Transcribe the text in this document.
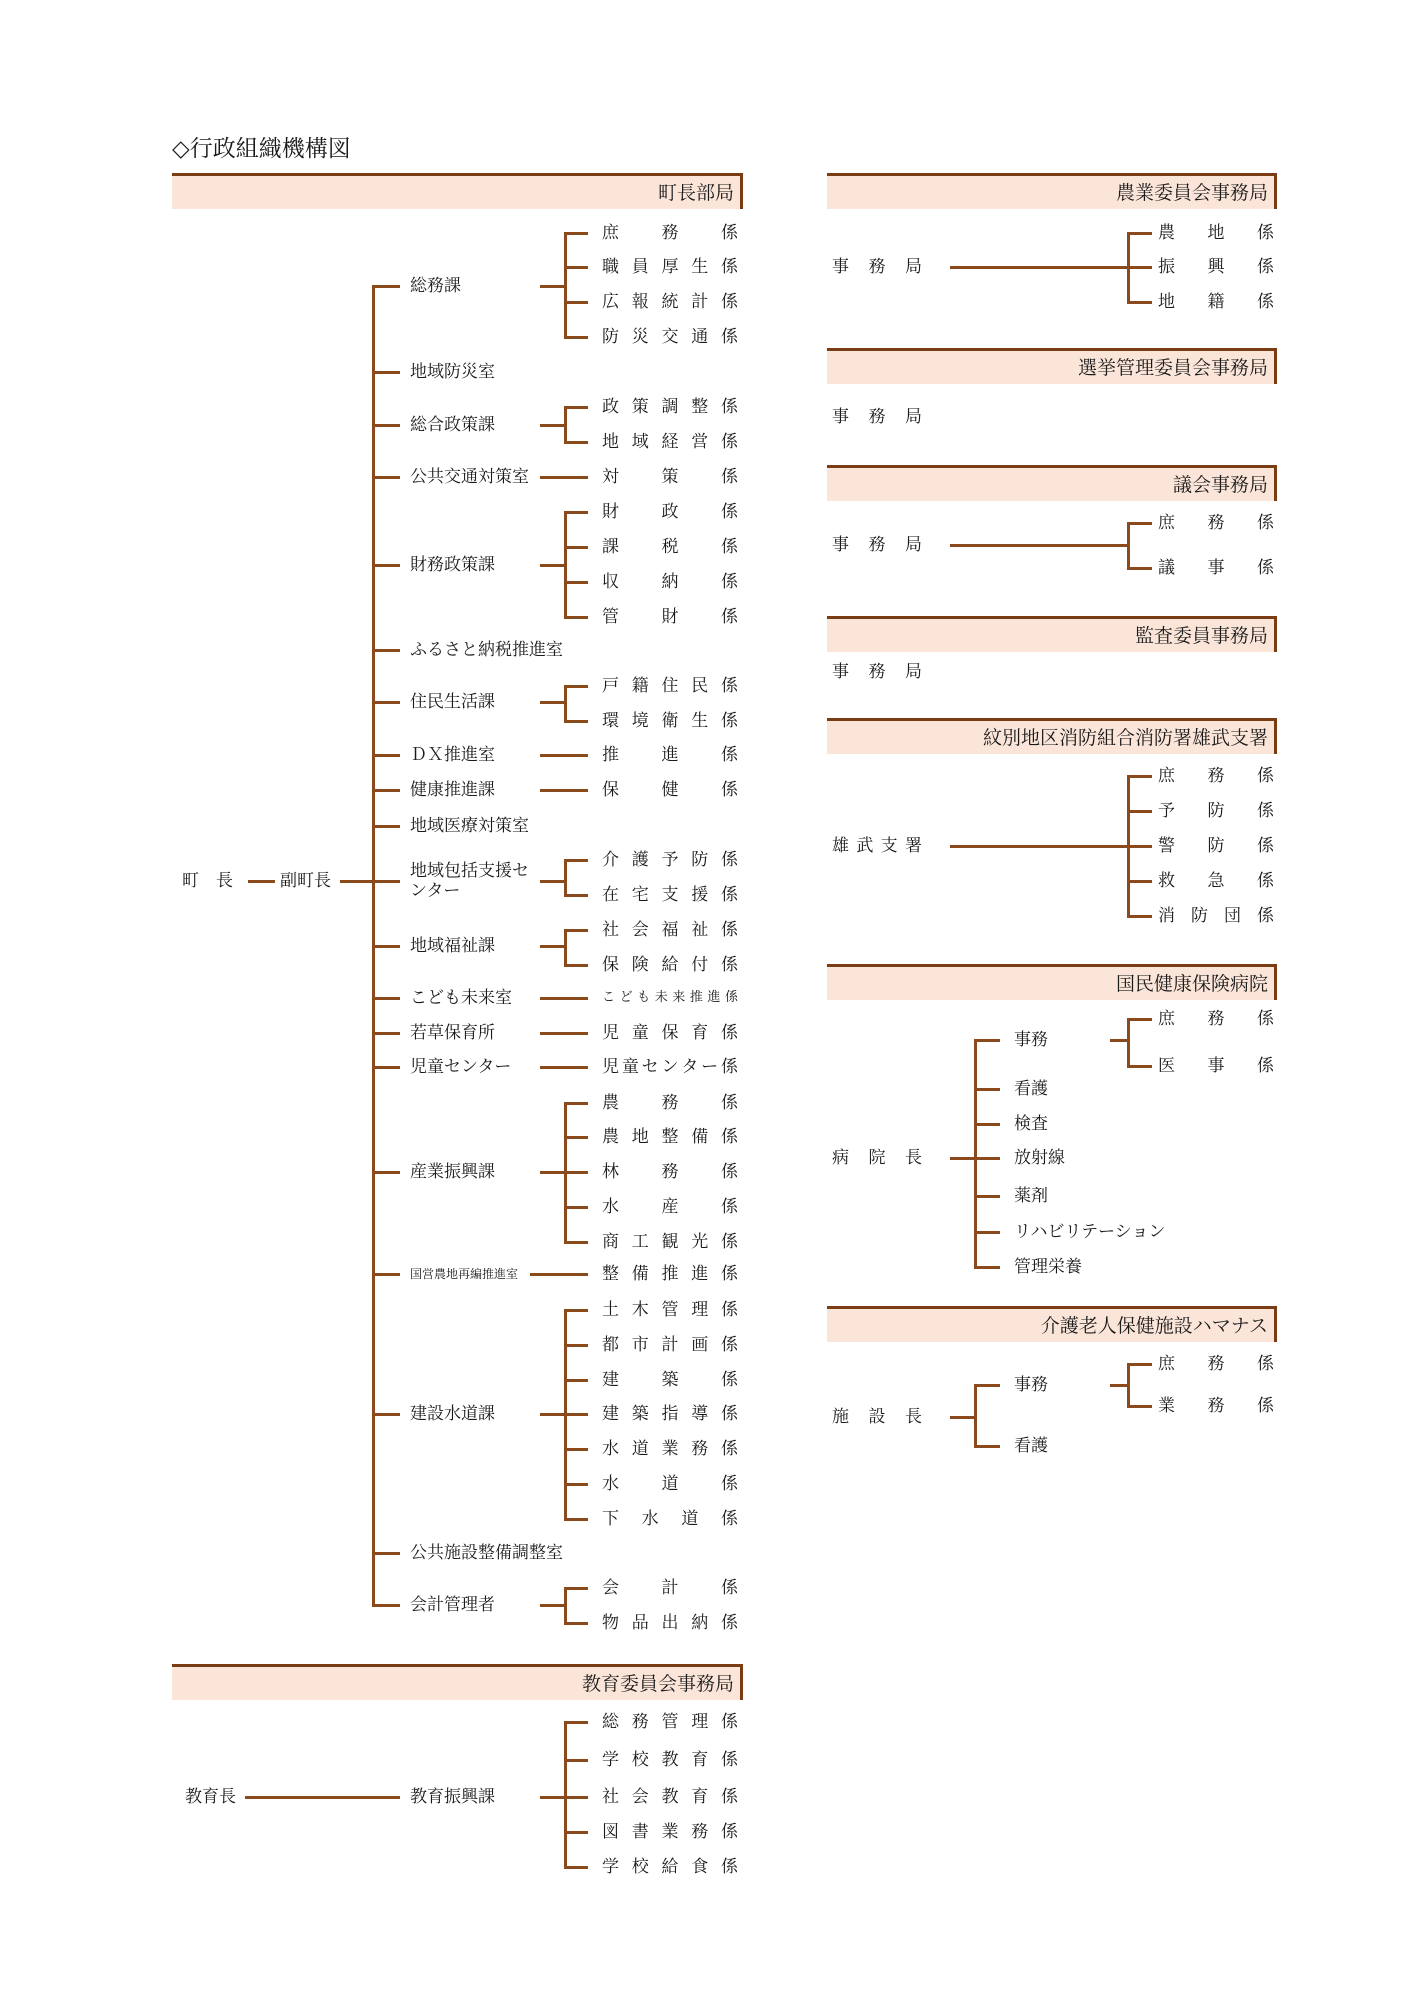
◇行政組織機構図
町長部局
町　長	副町長
総務課
庶	務	係
職 員 厚 生 係
広 報 統 計 係
防 災 交 通 係
地域防災室
総合政策課
政 策 調 整 係
地 域 経 営 係
公共交通対策室	対	策	係
財務政策課
財	政	係
課	税	係
収	納	係
管	財	係
ふるさと納税推進室
住民生活課
戸 籍 住 民 係
環 境 衛 生 係
ＤＸ推進室	推	進	係
健康推進課	保	健	係
地域医療対策室
地域包括支援センター
介 護 予 防 係
在 宅 支 援 係
地域福祉課
社 会 福 祉 係
保 険 給 付 係
こども未来室	こ ど も 未 来 推 進 係
若草保育所	児 童 保 育 係
児童センター	児 童 セ ン タ ー 係
産業振興課
農	務	係
農 地 整 備 係
林	務	係
水	産	係
商 工 観 光 係
国営農地再編推進室	整 備 推 進 係
建設水道課
土 木 管 理 係
都 市 計 画 係
建	築	係
建 築 指 導 係
水 道 業 務 係
水	道	係
下 水 道 係
公共施設整備調整室
会計管理者
会	計	係
物 品 出 納 係
教育委員会事務局
教育長	教育振興課
総 務 管 理 係
学 校 教 育 係
社 会 教 育 係
図 書 業 務 係
学 校 給 食 係
農業委員会事務局
事 務 局
農 地 係
振 興 係
地 籍 係
選挙管理委員会事務局
事 務 局
議会事務局
事 務 局
庶 務 係
議 事 係
監査委員事務局
事 務 局
紋別地区消防組合消防署雄武支署
雄 武 支 署
庶 務 係
予 防 係
警 防 係
救 急 係
消 防 団 係
国民健康保険病院
病 院 長
事務
看護
検査
放射線
薬剤
リハビリテーション
管理栄養
庶 務 係
医 事 係
介護老人保健施設ハマナス
施 設 長
事務
看護
庶 務 係
業 務 係
